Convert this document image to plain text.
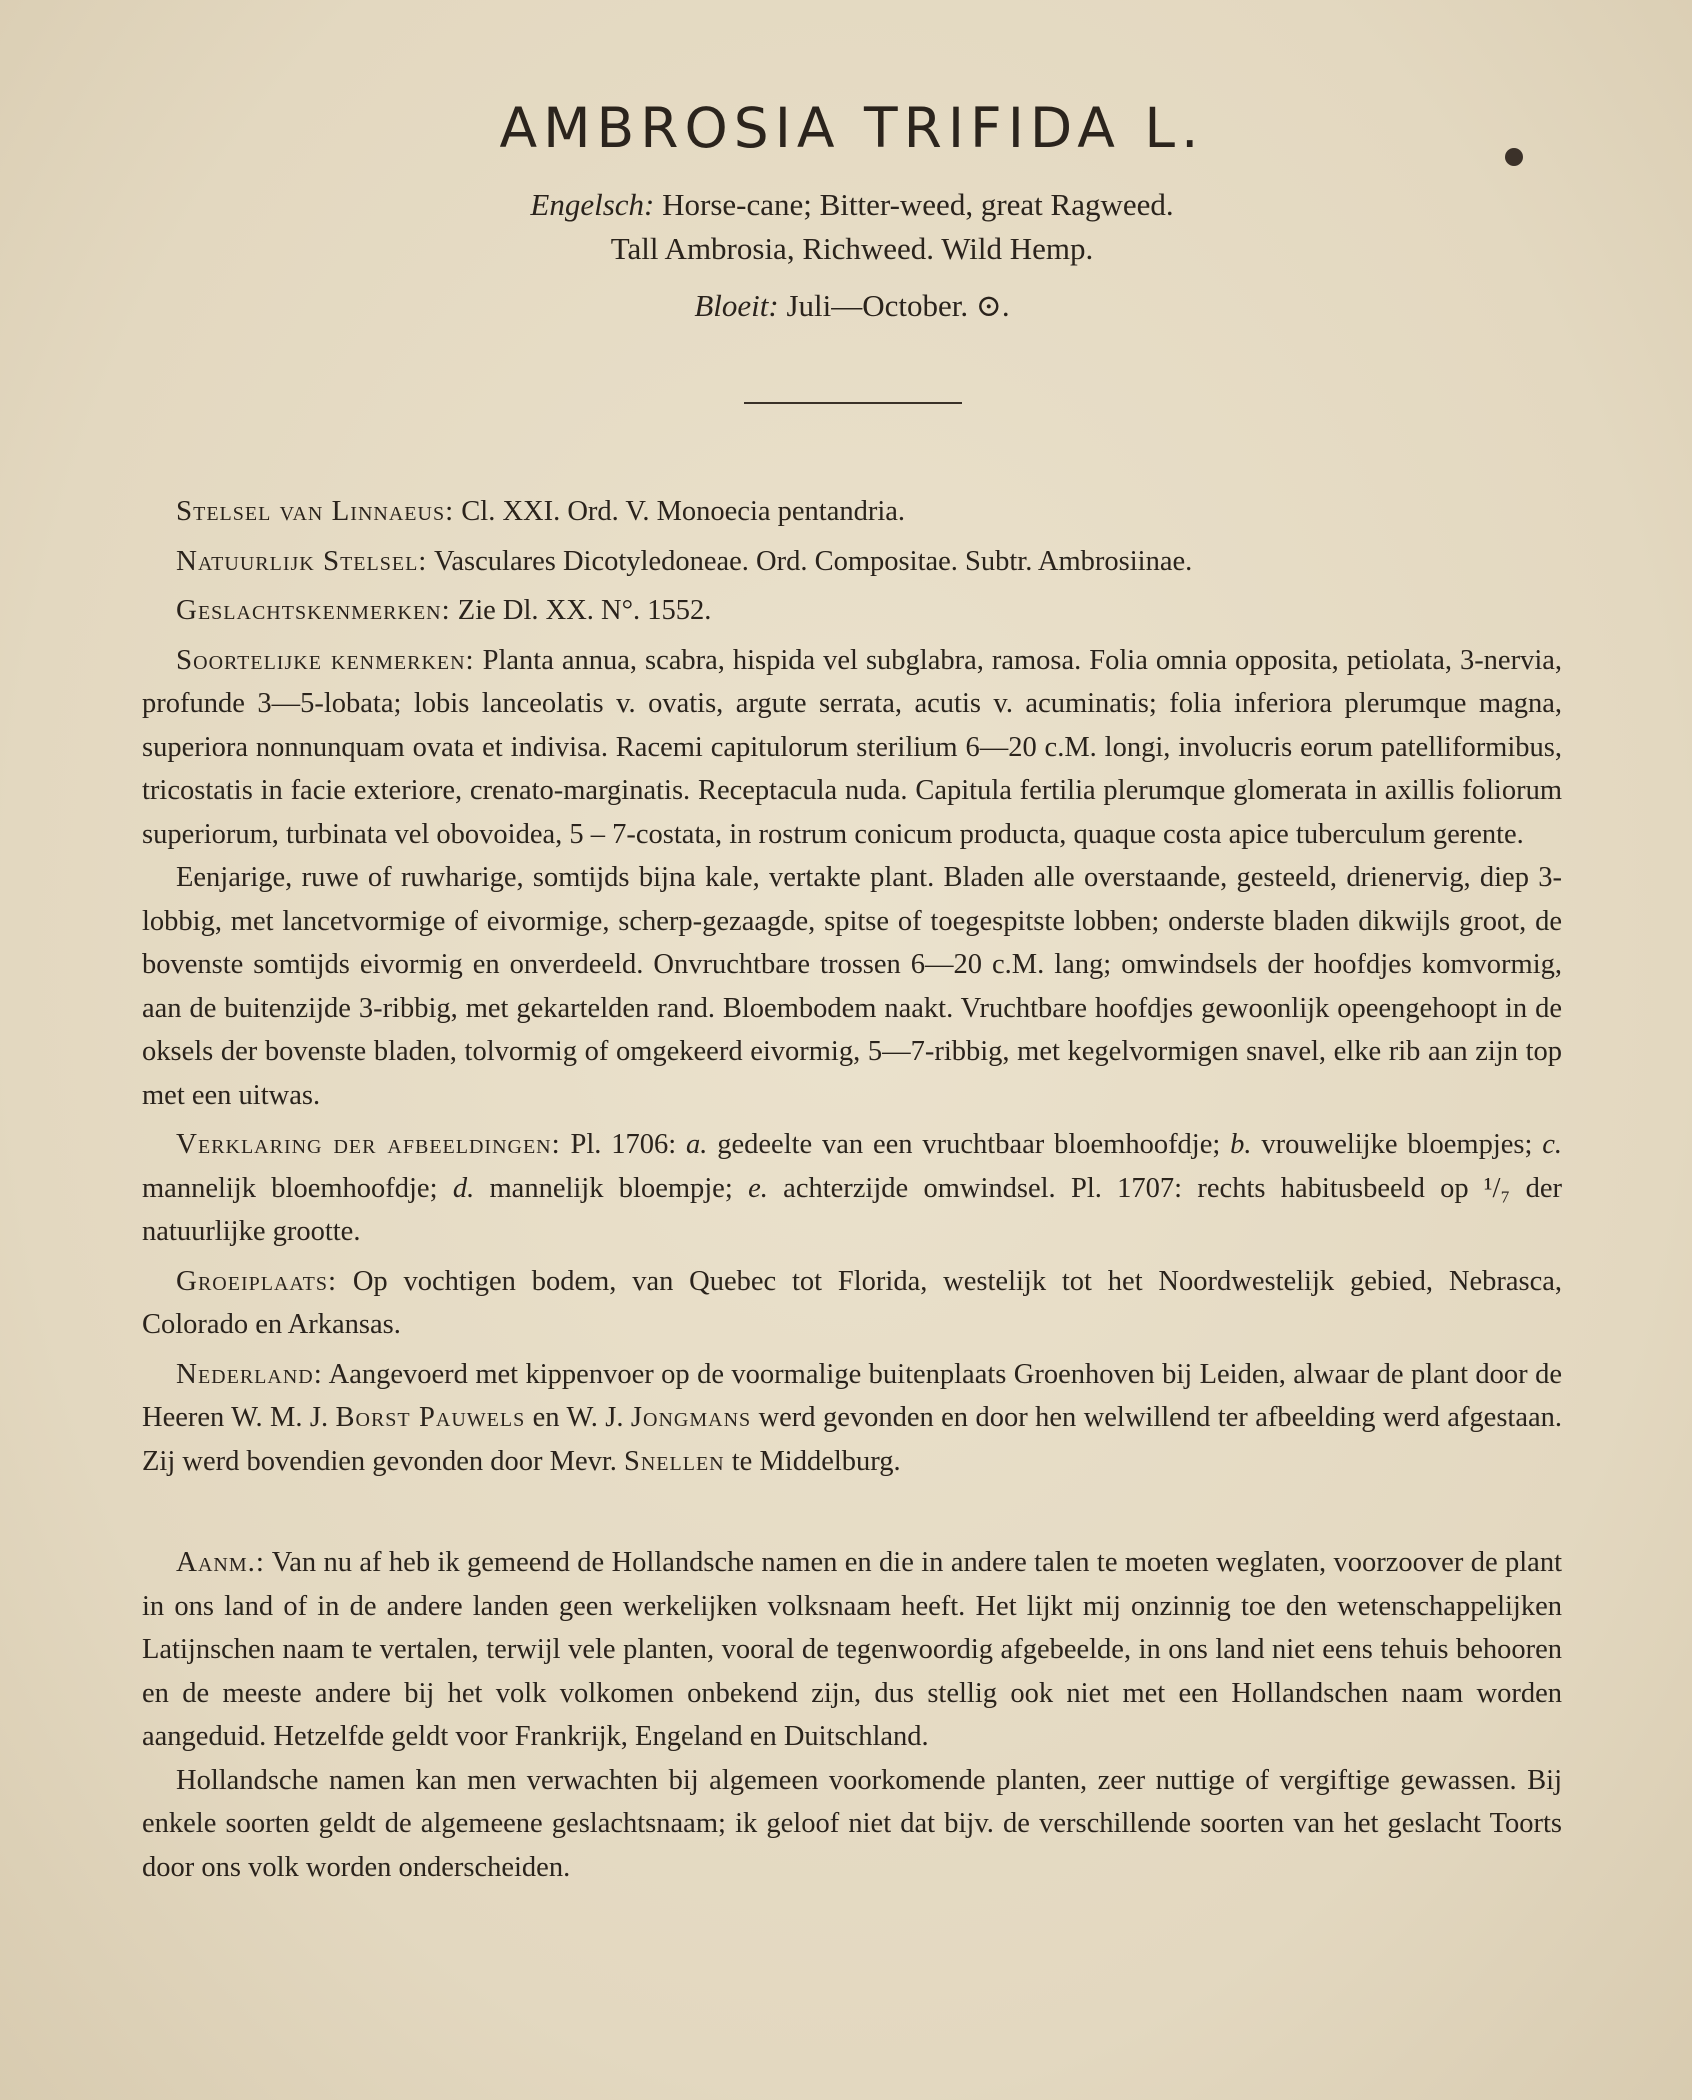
AMBROSIA TRIFIDA L.
Engelsch: Horse-cane; Bitter-weed, great Ragweed.
Tall Ambrosia, Richweed. Wild Hemp.
Bloeit: Juli—October. ⊙.

Stelsel van Linnaeus: Cl. XXI. Ord. V. Monoecia pentandria.

Natuurlijk Stelsel: Vasculares Dicotyledoneae. Ord. Compositae. Subtr. Ambrosiinae.

Geslachtskenmerken: Zie Dl. XX. N°. 1552.

Soortelijke kenmerken: Planta annua, scabra, hispida vel subglabra, ramosa. Folia omnia opposita, petiolata, 3-nervia, profunde 3—5-lobata; lobis lanceolatis v. ovatis, argute serrata, acutis v. acuminatis; folia inferiora plerumque magna, superiora nonnunquam ovata et indivisa. Racemi capitulorum sterilium 6—20 c.M. longi, involucris eorum patelliformibus, tricostatis in facie exteriore, crenato-marginatis. Receptacula nuda. Capitula fertilia plerumque glomerata in axillis foliorum superiorum, turbinata vel obovoidea, 5 – 7-costata, in rostrum conicum producta, quaque costa apice tuberculum gerente.

Eenjarige, ruwe of ruwharige, somtijds bijna kale, vertakte plant. Bladen alle overstaande, gesteeld, drienervig, diep 3-lobbig, met lancetvormige of eivormige, scherp-gezaagde, spitse of toegespitste lobben; onderste bladen dikwijls groot, de bovenste somtijds eivormig en onverdeeld. Onvruchtbare trossen 6—20 c.M. lang; omwindsels der hoofdjes komvormig, aan de buitenzijde 3-ribbig, met gekartelden rand. Bloembodem naakt. Vruchtbare hoofdjes gewoonlijk opeengehoopt in de oksels der bovenste bladen, tolvormig of omgekeerd eivormig, 5—7-ribbig, met kegelvormigen snavel, elke rib aan zijn top met een uitwas.

Verklaring der afbeeldingen: Pl. 1706: a. gedeelte van een vruchtbaar bloemhoofdje; b. vrouwelijke bloempjes; c. mannelijk bloemhoofdje; d. mannelijk bloempje; e. achterzijde omwindsel. Pl. 1707: rechts habitusbeeld op ¹/₇ der natuurlijke grootte.

Groeiplaats: Op vochtigen bodem, van Quebec tot Florida, westelijk tot het Noordwestelijk gebied, Nebrasca, Colorado en Arkansas.

Nederland: Aangevoerd met kippenvoer op de voormalige buitenplaats Groenhoven bij Leiden, alwaar de plant door de Heeren W. M. J. Borst Pauwels en W. J. Jongmans werd gevonden en door hen welwillend ter afbeelding werd afgestaan. Zij werd bovendien gevonden door Mevr. Snellen te Middelburg.

Aanm.: Van nu af heb ik gemeend de Hollandsche namen en die in andere talen te moeten weglaten, voorzoover de plant in ons land of in de andere landen geen werkelijken volksnaam heeft. Het lijkt mij onzinnig toe den wetenschappelijken Latijnschen naam te vertalen, terwijl vele planten, vooral de tegenwoordig afgebeelde, in ons land niet eens tehuis behooren en de meeste andere bij het volk volkomen onbekend zijn, dus stellig ook niet met een Hollandschen naam worden aangeduid. Hetzelfde geldt voor Frankrijk, Engeland en Duitschland.

Hollandsche namen kan men verwachten bij algemeen voorkomende planten, zeer nuttige of vergiftige gewassen. Bij enkele soorten geldt de algemeene geslachtsnaam; ik geloof niet dat bijv. de verschillende soorten van het geslacht Toorts door ons volk worden onderscheiden.
